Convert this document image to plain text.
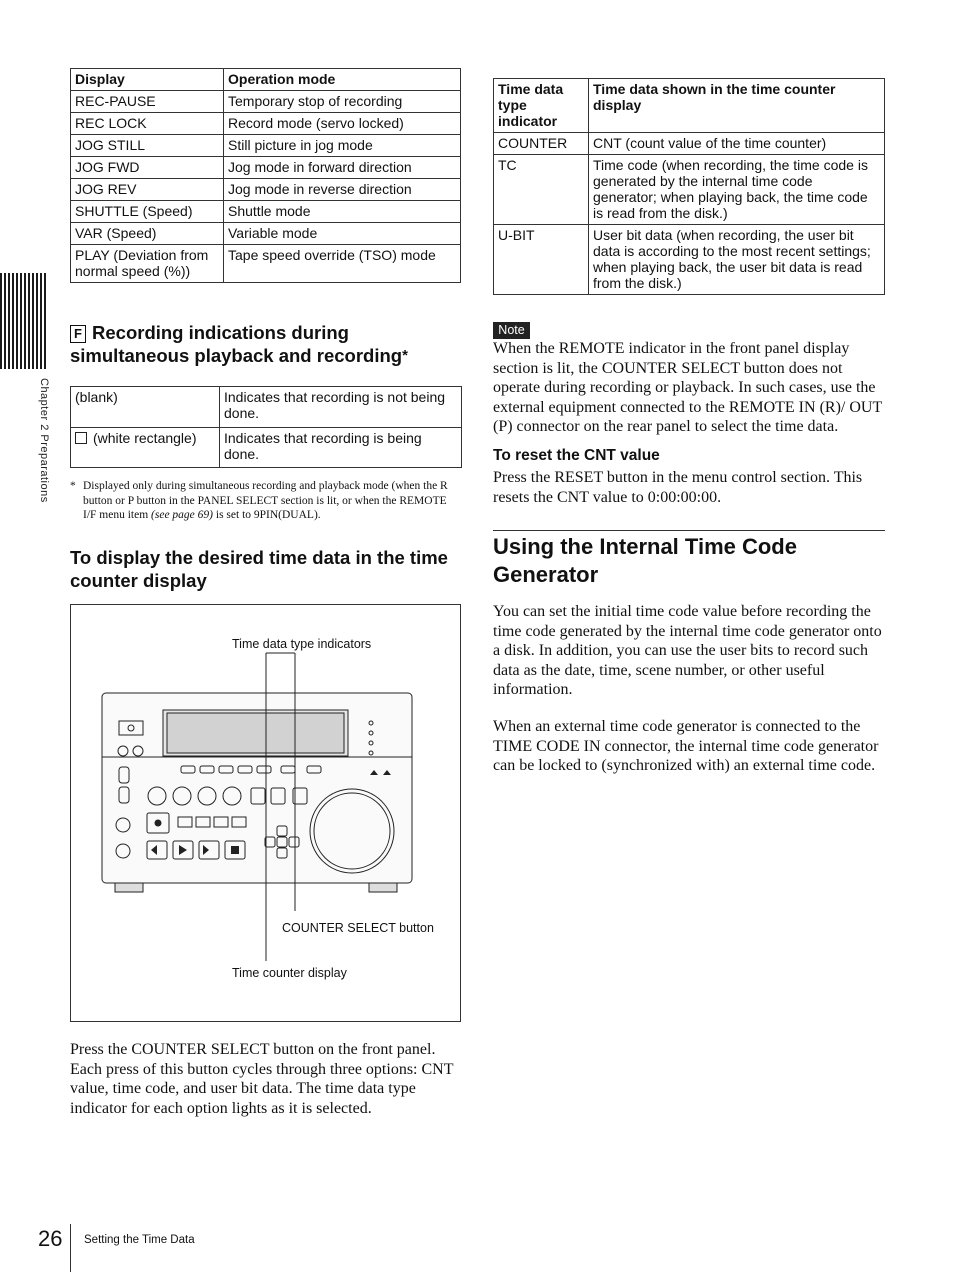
Chapter 2 Preparations
Display	Operation mode
REC-PAUSE	Temporary stop of recording
REC LOCK	Record mode (servo locked)
JOG STILL	Still picture in jog mode
JOG FWD	Jog mode in forward direction
JOG REV	Jog mode in reverse direction
SHUTTLE (Speed)	Shuttle mode
VAR (Speed)	Variable mode
PLAY (Deviation from normal speed (%))	Tape speed override (TSO) mode
F Recording indications during simultaneous playback and recording*
(blank)	Indicates that recording is not being done.
(white rectangle)	Indicates that recording is being done.
* Displayed only during simultaneous recording and playback mode (when the R button or P button in the PANEL SELECT section is lit, or when the REMOTE I/F menu item (see page 69) is set to 9PIN(DUAL).
To display the desired time data in the time counter display
Time data type indicators
COUNTER SELECT button
Time counter display
Press the COUNTER SELECT button on the front panel. Each press of this button cycles through three options: CNT value, time code, and user bit data. The time data type indicator for each option lights as it is selected.
Time data type indicator	Time data shown in the time counter display
COUNTER	CNT (count value of the time counter)
TC	Time code (when recording, the time code is generated by the internal time code generator; when playing back, the time code is read from the disk.)
U-BIT	User bit data (when recording, the user bit data is according to the most recent settings; when playing back, the user bit data is read from the disk.)
Note
When the REMOTE indicator in the front panel display section is lit, the COUNTER SELECT button does not operate during recording or playback. In such cases, use the external equipment connected to the REMOTE IN (R)/ OUT (P) connector on the rear panel to select the time data.
To reset the CNT value
Press the RESET button in the menu control section. This resets the CNT value to 0:00:00:00.
Using the Internal Time Code Generator
You can set the initial time code value before recording the time code generated by the internal time code generator onto a disk. In addition, you can use the user bits to record such data as the date, time, scene number, or other useful information.
When an external time code generator is connected to the TIME CODE IN connector, the internal time code generator can be locked to (synchronized with) an external time code.
26 Setting the Time Data
